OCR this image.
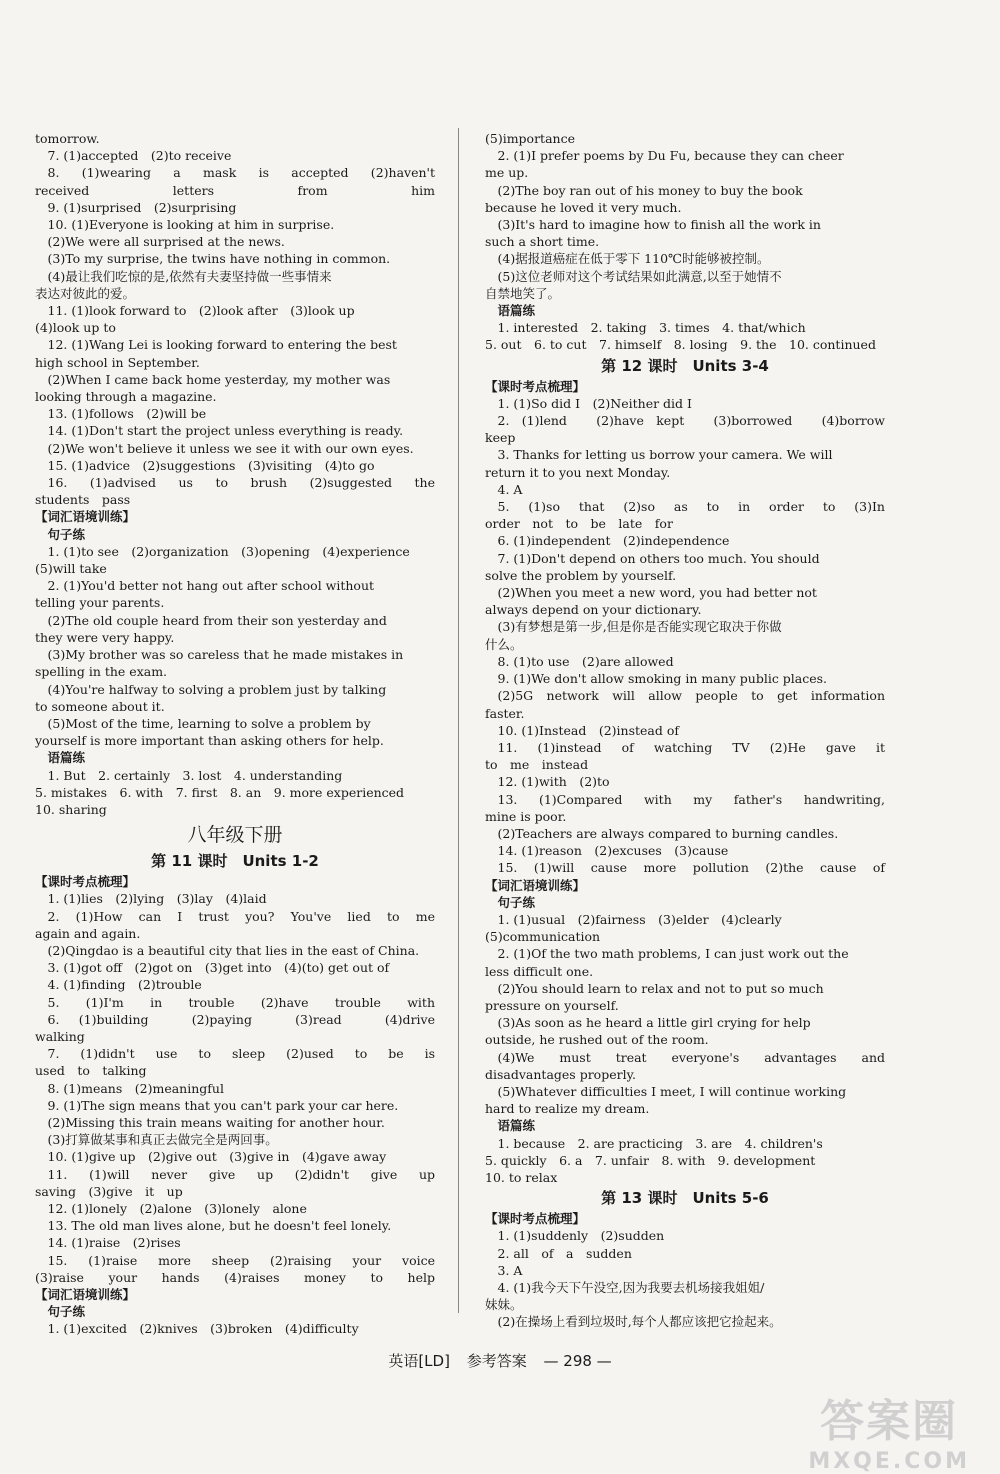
tomorrow.
7. (1)accepted　(2)to receive
8. (1)wearing a mask is accepted (2)haven't
received letters from him
9. (1)surprised　(2)surprising
10. (1)Everyone is looking at him in surprise.
(2)We were all surprised at the news.
(3)To my surprise, the twins have nothing in common.
(4)最让我们吃惊的是,依然有夫妻坚持做一些事情来
表达对彼此的爱。
11. (1)look forward to　(2)look after　(3)look up
(4)look up to
12. (1)Wang Lei is looking forward to entering the best
high school in September.
(2)When I came back home yesterday, my mother was
looking through a magazine.
13. (1)follows　(2)will be
14. (1)Don't start the project unless everything is ready.
(2)We won't believe it unless we see it with our own eyes.
15. (1)advice　(2)suggestions　(3)visiting　(4)to go
16. (1)advised us to brush (2)suggested the
students　pass
【词汇语境训练】
句子练
1. (1)to see　(2)organization　(3)opening　(4)experience
(5)will take
2. (1)You'd better not hang out after school without
telling your parents.
(2)The old couple heard from their son yesterday and
they were very happy.
(3)My brother was so careless that he made mistakes in
spelling in the exam.
(4)You're halfway to solving a problem just by talking
to someone about it.
(5)Most of the time, learning to solve a problem by
yourself is more important than asking others for help.
语篇练
1. But　2. certainly　3. lost　4. understanding
5. mistakes　6. with　7. first　8. an　9. more experienced
10. sharing
八年级下册
第 11 课时　Units 1-2
【课时考点梳理】
1. (1)lies　(2)lying　(3)lay　(4)laid
2. (1)How can I trust you? You've lied to me
again and again.
(2)Qingdao is a beautiful city that lies in the east of China.
3. (1)got off　(2)got on　(3)get into　(4)(to) get out of
4. (1)finding　(2)trouble
5. (1)I'm in trouble (2)have trouble with
6. (1)building　(2)paying　(3)read　(4)drive
walking
7. (1)didn't use to sleep (2)used to be is
used　to　talking
8. (1)means　(2)meaningful
9. (1)The sign means that you can't park your car here.
(2)Missing this train means waiting for another hour.
(3)打算做某事和真正去做完全是两回事。
10. (1)give up　(2)give out　(3)give in　(4)gave away
11. (1)will never give up (2)didn't give up
saving　(3)give　it　up
12. (1)lonely　(2)alone　(3)lonely　alone
13. The old man lives alone, but he doesn't feel lonely.
14. (1)raise　(2)rises
15. (1)raise more sheep (2)raising your voice
(3)raise your hands (4)raises money to help
【词汇语境训练】
句子练
1. (1)excited　(2)knives　(3)broken　(4)difficulty
(5)importance
2. (1)I prefer poems by Du Fu, because they can cheer
me up.
(2)The boy ran out of his money to buy the book
because he loved it very much.
(3)It's hard to imagine how to finish all the work in
such a short time.
(4)据报道癌症在低于零下 110℃时能够被控制。
(5)这位老师对这个考试结果如此满意,以至于她情不
自禁地笑了。
语篇练
1. interested　2. taking　3. times　4. that/which
5. out　6. to cut　7. himself　8. losing　9. the　10. continued
第 12 课时　Units 3-4
【课时考点梳理】
1. (1)So did I　(2)Neither did I
2. (1)lend　(2)have kept　(3)borrowed　(4)borrow
keep
3. Thanks for letting us borrow your camera. We will
return it to you next Monday.
4. A
5. (1)so that (2)so as to in order to (3)In
order　not　to　be　late　for
6. (1)independent　(2)independence
7. (1)Don't depend on others too much. You should
solve the problem by yourself.
(2)When you meet a new word, you had better not
always depend on your dictionary.
(3)有梦想是第一步,但是你是否能实现它取决于你做
什么。
8. (1)to use　(2)are allowed
9. (1)We don't allow smoking in many public places.
(2)5G network will allow people to get information
faster.
10. (1)Instead　(2)instead of
11. (1)instead of watching TV (2)He gave it
to　me　instead
12. (1)with　(2)to
13. (1)Compared with my father's handwriting,
mine is poor.
(2)Teachers are always compared to burning candles.
14. (1)reason　(2)excuses　(3)cause
15. (1)will cause more pollution (2)the cause of
【词汇语境训练】
句子练
1. (1)usual　(2)fairness　(3)elder　(4)clearly
(5)communication
2. (1)Of the two math problems, I can just work out the
less difficult one.
(2)You should learn to relax and not to put so much
pressure on yourself.
(3)As soon as he heard a little girl crying for help
outside, he rushed out of the room.
(4)We must treat everyone's advantages and
disadvantages properly.
(5)Whatever difficulties I meet, I will continue working
hard to realize my dream.
语篇练
1. because　2. are practicing　3. are　4. children's
5. quickly　6. a　7. unfair　8. with　9. development
10. to relax
第 13 课时　Units 5-6
【课时考点梳理】
1. (1)suddenly　(2)sudden
2. all　of　a　sudden
3. A
4. (1)我今天下午没空,因为我要去机场接我姐姐/
妹妹。
(2)在操场上看到垃圾时,每个人都应该把它捡起来。
英语[LD] 参考答案 — 298 —
答案圈
MXQE.COM
